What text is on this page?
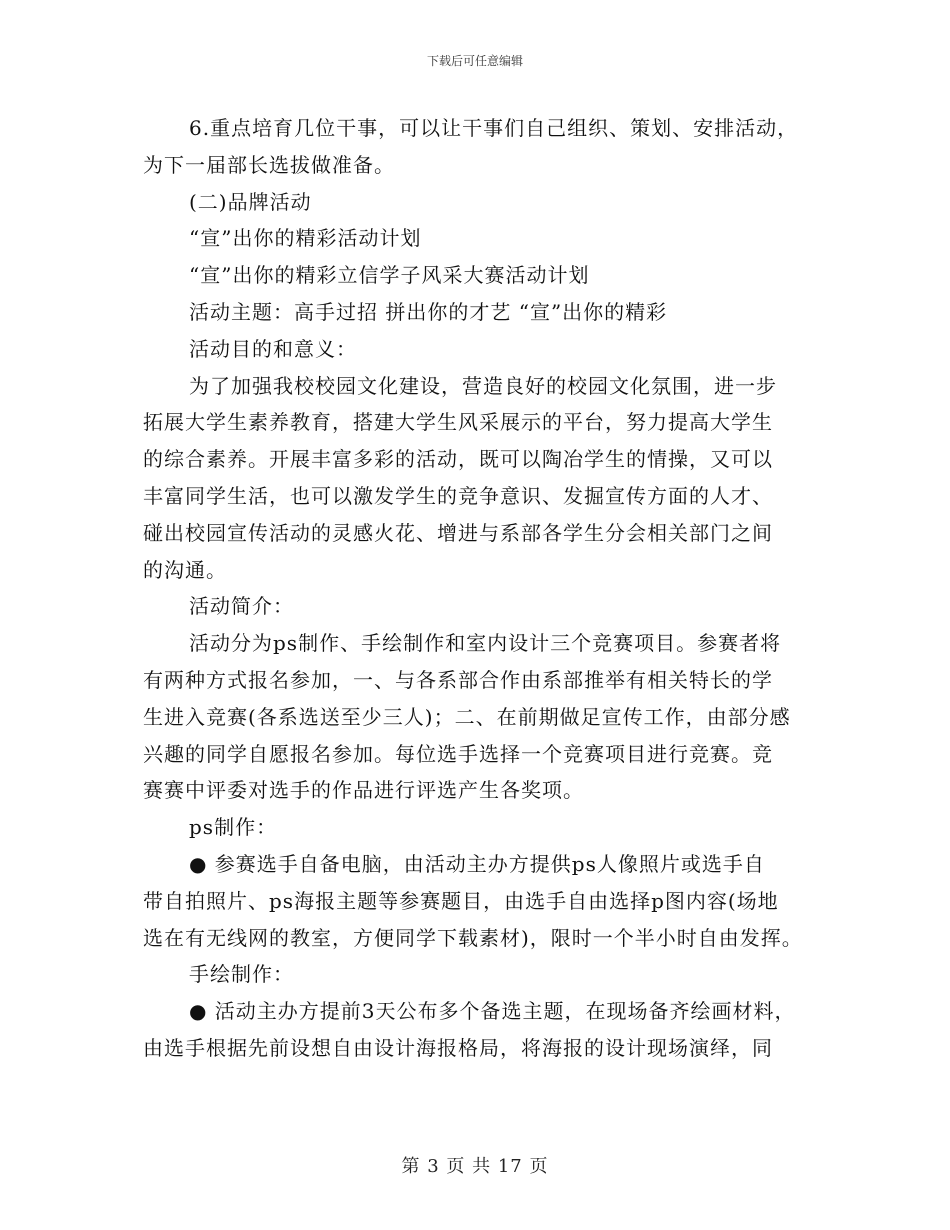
下载后可任意编辑
6.重点培育几位干事，可以让干事们自己组织、策划、安排活动，
为下一届部长选拔做准备。
(二)品牌活动
“宣”出你的精彩活动计划
“宣”出你的精彩立信学子风采大赛活动计划
活动主题：高手过招 拼出你的才艺 “宣”出你的精彩
活动目的和意义：
为了加强我校校园文化建设，营造良好的校园文化氛围，进一步
拓展大学生素养教育，搭建大学生风采展示的平台，努力提高大学生
的综合素养。开展丰富多彩的活动，既可以陶冶学生的情操，又可以
丰富同学生活，也可以激发学生的竞争意识、发掘宣传方面的人才、
碰出校园宣传活动的灵感火花、增进与系部各学生分会相关部门之间
的沟通。
活动简介：
活动分为ps制作、手绘制作和室内设计三个竞赛项目。参赛者将
有两种方式报名参加，一、与各系部合作由系部推举有相关特长的学
生进入竞赛(各系选送至少三人)；二、在前期做足宣传工作，由部分感
兴趣的同学自愿报名参加。每位选手选择一个竞赛项目进行竞赛。竞
赛赛中评委对选手的作品进行评选产生各奖项。
ps制作：
● 参赛选手自备电脑，由活动主办方提供ps人像照片或选手自
带自拍照片、ps海报主题等参赛题目，由选手自由选择p图内容(场地
选在有无线网的教室，方便同学下载素材)，限时一个半小时自由发挥。
手绘制作：
● 活动主办方提前3天公布多个备选主题，在现场备齐绘画材料，
由选手根据先前设想自由设计海报格局，将海报的设计现场演绎，同
第 3 页 共 17 页
